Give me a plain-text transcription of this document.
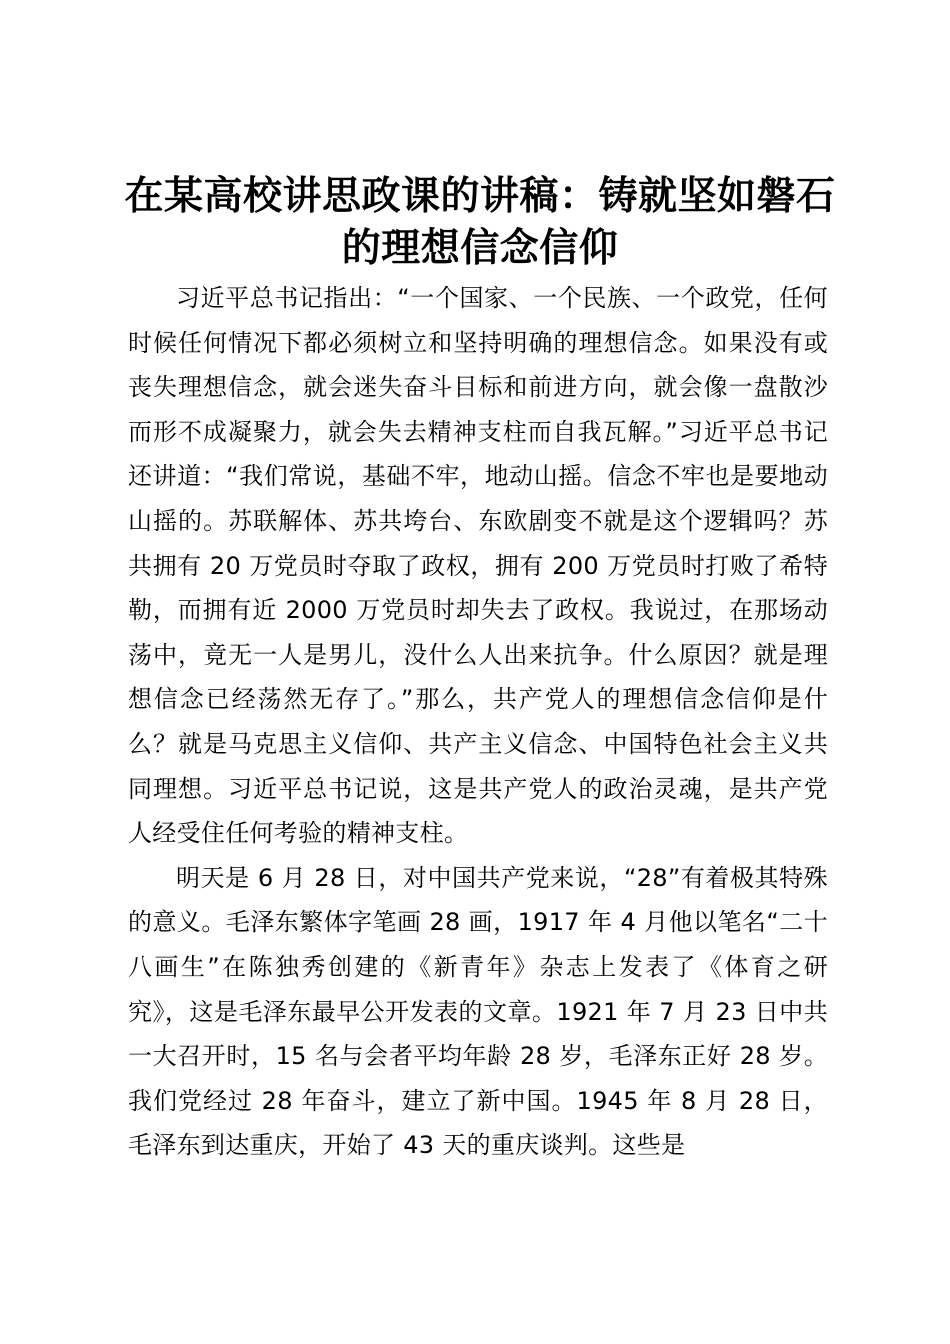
在某高校讲思政课的讲稿：铸就坚如磐石的理想信念信仰

习近平总书记指出：“一个国家、一个民族、一个政党，任何时候任何情况下都必须树立和坚持明确的理想信念。如果没有或丧失理想信念，就会迷失奋斗目标和前进方向，就会像一盘散沙而形不成凝聚力，就会失去精神支柱而自我瓦解。”习近平总书记还讲道：“我们常说，基础不牢，地动山摇。信念不牢也是要地动山摇的。苏联解体、苏共垮台、东欧剧变不就是这个逻辑吗？苏共拥有 20 万党员时夺取了政权，拥有 200 万党员时打败了希特勒，而拥有近 2000 万党员时却失去了政权。我说过，在那场动荡中，竟无一人是男儿，没什么人出来抗争。什么原因？就是理想信念已经荡然无存了。”那么，共产党人的理想信念信仰是什么？就是马克思主义信仰、共产主义信念、中国特色社会主义共同理想。习近平总书记说，这是共产党人的政治灵魂，是共产党人经受住任何考验的精神支柱。

明天是 6 月 28 日，对中国共产党来说，“28”有着极其特殊的意义。毛泽东繁体字笔画 28 画，1917 年 4 月他以笔名“二十八画生”在陈独秀创建的《新青年》杂志上发表了《体育之研究》，这是毛泽东最早公开发表的文章。1921 年 7 月 23 日中共一大召开时，15 名与会者平均年龄 28 岁，毛泽东正好 28 岁。我们党经过 28 年奋斗，建立了新中国。1945 年 8 月 28 日，毛泽东到达重庆，开始了 43 天的重庆谈判。这些是
